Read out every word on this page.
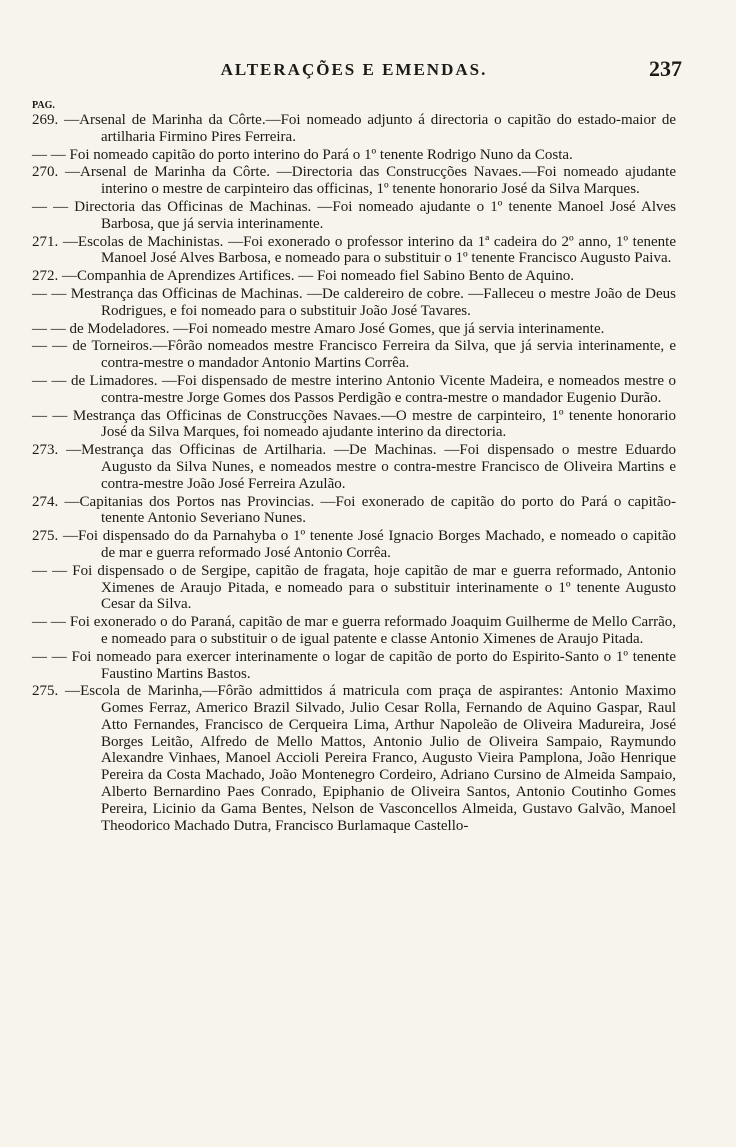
ALTERAÇÕES E EMENDAS.	237
PAG.

269. —Arsenal de Marinha da Côrte.—Foi nomeado adjunto á directoria o capitão do estado-maior de artilharia Firmino Pires Ferreira.

— — Foi nomeado capitão do porto interino do Pará o 1º tenente Rodrigo Nuno da Costa.

270. —Arsenal de Marinha da Côrte. —Directoria das Construcções Navaes.—Foi nomeado ajudante interino o mestre de carpinteiro das officinas, 1º tenente honorario José da Silva Marques.

— — Directoria das Officinas de Machinas. —Foi nomeado ajudante o 1º tenente Manoel José Alves Barbosa, que já servia interinamente.

271. —Escolas de Machinistas. —Foi exonerado o professor interino da 1ª cadeira do 2º anno, 1º tenente Manoel José Alves Barbosa, e nomeado para o substituir o 1º tenente Francisco Augusto Paiva.

272. —Companhia de Aprendizes Artifices. — Foi nomeado fiel Sabino Bento de Aquino.

— — Mestrança das Officinas de Machinas. —De caldereiro de cobre. —Falleceu o mestre João de Deus Rodrigues, e foi nomeado para o substituir João José Tavares.

— — de Modeladores. —Foi nomeado mestre Amaro José Gomes, que já servia interinamente.

— — de Torneiros.—Fôrão nomeados mestre Francisco Ferreira da Silva, que já servia interinamente, e contra-mestre o mandador Antonio Martins Corrêa.

— — de Limadores. —Foi dispensado de mestre interino Antonio Vicente Madeira, e nomeados mestre o contra-mestre Jorge Gomes dos Passos Perdigão e contra-mestre o mandador Eugenio Durão.

— — Mestrança das Officinas de Construcções Navaes.—O mestre de carpinteiro, 1º tenente honorario José da Silva Marques, foi nomeado ajudante interino da directoria.

273. —Mestrança das Officinas de Artilharia. —De Machinas. —Foi dispensado o mestre Eduardo Augusto da Silva Nunes, e nomeados mestre o contra-mestre Francisco de Oliveira Martins e contra-mestre João José Ferreira Azulão.

274. —Capitanias dos Portos nas Provincias. —Foi exonerado de capitão do porto do Pará o capitão-tenente Antonio Severiano Nunes.

275. —Foi dispensado do da Parnahyba o 1º tenente José Ignacio Borges Machado, e nomeado o capitão de mar e guerra reformado José Antonio Corrêa.

— — Foi dispensado o de Sergipe, capitão de fragata, hoje capitão de mar e guerra reformado, Antonio Ximenes de Araujo Pitada, e nomeado para o substituir interinamente o 1º tenente Augusto Cesar da Silva.

— — Foi exonerado o do Paraná, capitão de mar e guerra reformado Joaquim Guilherme de Mello Carrão, e nomeado para o substituir o de igual patente e classe Antonio Ximenes de Araujo Pitada.

— — Foi nomeado para exercer interinamente o logar de capitão de porto do Espirito-Santo o 1º tenente Faustino Martins Bastos.

275. —Escola de Marinha,—Fôrão admittidos á matricula com praça de aspirantes: Antonio Maximo Gomes Ferraz, Americo Brazil Silvado, Julio Cesar Rolla, Fernando de Aquino Gaspar, Raul Atto Fernandes, Francisco de Cerqueira Lima, Arthur Napoleão de Oliveira Madureira, José Borges Leitão, Alfredo de Mello Mattos, Antonio Julio de Oliveira Sampaio, Raymundo Alexandre Vinhaes, Manoel Accioli Pereira Franco, Augusto Vieira Pamplona, João Henrique Pereira da Costa Machado, João Montenegro Cordeiro, Adriano Cursino de Almeida Sampaio, Alberto Bernardino Paes Conrado, Epiphanio de Oliveira Santos, Antonio Coutinho Gomes Pereira, Licinio da Gama Bentes, Nelson de Vasconcellos Almeida, Gustavo Galvão, Manoel Theodorico Machado Dutra, Francisco Burlamaque Castello-
